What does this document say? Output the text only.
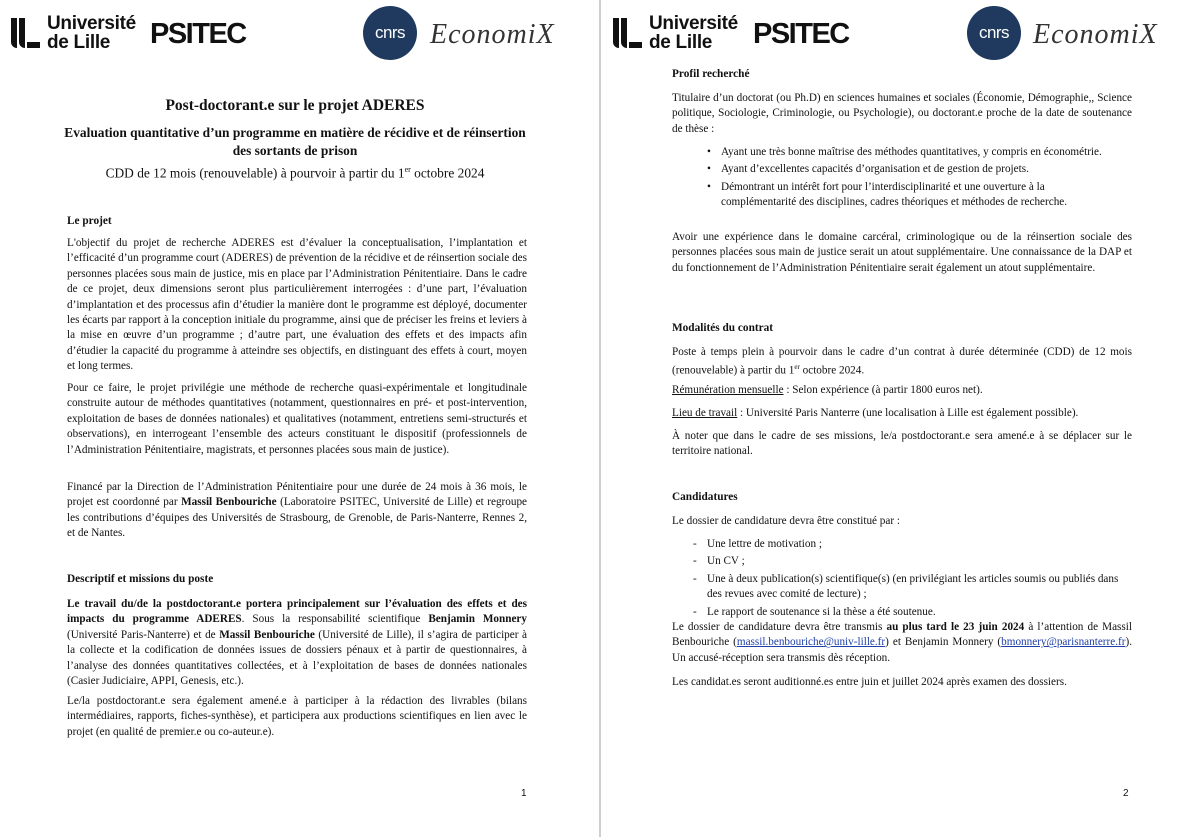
Université
de Lille	PSITEC	cnrs EconomiX
Post-doctorant.e sur le projet ADERES
Evaluation quantitative d’un programme en matière de récidive et de réinsertion des sortants de prison
CDD de 12 mois (renouvelable) à pourvoir à partir du 1er octobre 2024
Le projet

L'objectif du projet de recherche ADERES est d’évaluer la conceptualisation, l’implantation et l’efficacité d’un programme court (ADERES) de prévention de la récidive et de réinsertion sociale des personnes placées sous main de justice, mis en place par l’Administration Pénitentiaire. Dans le cadre de ce projet, deux dimensions seront plus particulièrement interrogées : d’une part, l’évaluation d’implantation et des processus afin d’étudier la manière dont le programme est déployé, documenter les écarts par rapport à la conception initiale du programme, ainsi que de préciser les freins et leviers à la mise en œuvre d’un programme ; d’autre part, une évaluation des effets et des impacts afin d’étudier la capacité du programme à atteindre ses objectifs, en distinguant des effets à court, moyen et long termes.

Pour ce faire, le projet privilégie une méthode de recherche quasi-expérimentale et longitudinale construite autour de méthodes quantitatives (notamment, questionnaires en pré- et post-intervention, exploitation de bases de données nationales) et qualitatives (notamment, entretiens semi-structurés et observations), en interrogeant l’ensemble des acteurs constituant le dispositif (professionnels de l’Administration Pénitentiaire, magistrats, et personnes placées sous main de justice).

Financé par la Direction de l’Administration Pénitentiaire pour une durée de 24 mois à 36 mois, le projet est coordonné par Massil Benbouriche (Laboratoire PSITEC, Université de Lille) et regroupe les contributions d’équipes des Universités de Strasbourg, de Grenoble, de Paris-Nanterre, Rennes 2, et de Nantes.

Descriptif et missions du poste

Le travail du/de la postdoctorant.e portera principalement sur l’évaluation des effets et des impacts du programme ADERES. Sous la responsabilité scientifique Benjamin Monnery (Université Paris-Nanterre) et de Massil Benbouriche (Université de Lille), il s’agira de participer à la collecte et la codification de données issues de dossiers pénaux et à partir de questionnaires, à l’analyse des données quantitatives collectées, et à l’exploitation de bases de données nationales (Casier Judiciaire, APPI, Genesis, etc.).

Le/la postdoctorant.e sera également amené.e à participer à la rédaction des livrables (bilans intermédiaires, rapports, fiches-synthèse), et participera aux productions scientifiques en lien avec le projet (en qualité de premier.e ou co-auteur.e).

1
Université
de Lille	PSITEC	cnrs EconomiX
Profil recherché

Titulaire d’un doctorat (ou Ph.D) en sciences humaines et sociales (Économie, Démographie,, Science politique, Sociologie, Criminologie, ou Psychologie), ou doctorant.e proche de la date de soutenance de thèse :

• Ayant une très bonne maîtrise des méthodes quantitatives, y compris en économétrie.
• Ayant d’excellentes capacités d’organisation et de gestion de projets.
• Démontrant un intérêt fort pour l’interdisciplinarité et une ouverture à la complémentarité des disciplines, cadres théoriques et méthodes de recherche.

Avoir une expérience dans le domaine carcéral, criminologique ou de la réinsertion sociale des personnes placées sous main de justice serait un atout supplémentaire. Une connaissance de la DAP et du fonctionnement de l’Administration Pénitentiaire serait également un atout supplémentaire.

Modalités du contrat

Poste à temps plein à pourvoir dans le cadre d’un contrat à durée déterminée (CDD) de 12 mois (renouvelable) à partir du 1er octobre 2024.

Rémunération mensuelle : Selon expérience (à partir 1800 euros net).

Lieu de travail : Université Paris Nanterre (une localisation à Lille est également possible).

À noter que dans le cadre de ses missions, le/a postdoctorant.e sera amené.e à se déplacer sur le territoire national.

Candidatures

Le dossier de candidature devra être constitué par :

- Une lettre de motivation ;
- Un CV ;
- Une à deux publication(s) scientifique(s) (en privilégiant les articles soumis ou publiés dans des revues avec comité de lecture) ;
- Le rapport de soutenance si la thèse a été soutenue.

Le dossier de candidature devra être transmis au plus tard le 23 juin 2024 à l’attention de Massil Benbouriche (massil.benbouriche@univ-lille.fr) et Benjamin Monnery (bmonnery@parisnanterre.fr). Un accusé-réception sera transmis dès réception.

Les candidat.es seront auditionné.es entre juin et juillet 2024 après examen des dossiers.

2
